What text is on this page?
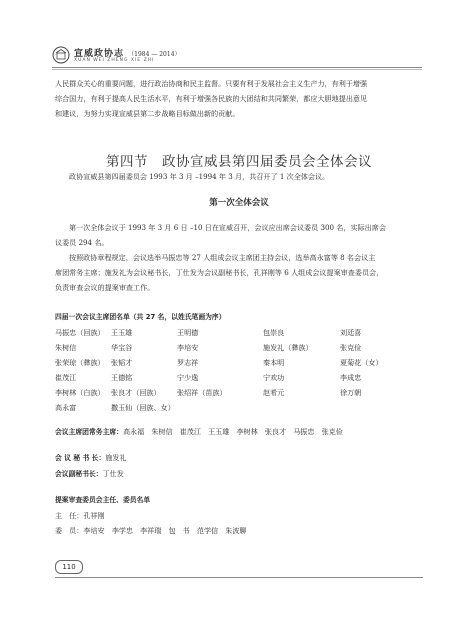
宣威政协志 （1984 — 2014）
XUAN WEI ZHENG XIE ZHI

人民群众关心的重要问题，进行政治协商和民主监督。只要有利于发展社会主义生产力，有利于增强

综合国力，有利于提高人民生活水平，有利于增强各民族的大团结和共同繁荣，都应大胆地提出意见

和建议，为努力实现宣威县第二步战略目标做出新的贡献。

第四节　政协宣威县第四届委员会全体会议

政协宣威县第四届委员会 1993 年 3 月 –1994 年 3 月，共召开了 1 次全体会议。

第一次全体会议

第一次全体会议于 1993 年 3 月 6 日 –10 日在宣威召开，会议应出席会议委员 300 名，实际出席会

议委员 294 名。

按照政协章程规定，会议选举马振忠等 27 人组成会议主席团主持会议，选举高永富等 8 名会议主

席团常务主席；施发礼为会议秘书长，丁仕发为会议副秘书长，孔祥刚等 6 人组成会议提案审查委员会，

负责审查会议的提案审查工作。

四届一次会议主席团名单（共 27 名，以姓氏笔画为序）
马振忠（回族） 王玉雄	王明德	包崇良	刘廷喜
朱树信	华宝谷	李培安	施发礼（彝族）	张克俭
张荣琼（彝族） 张韬才	罗志祥	秦本明	夏菊花（女）
崔茂江	王德铭	宁少逸	宁欢功	李成忠
李树林（白族） 张良才（回族）	张绍祥（苗族）	赵希元	徐万朝
高永富	撒玉仙（回族、女）
会议主席团常务主席：高永福　朱树信　崔茂江　王玉雄　李树林　张良才　马振忠　张克俭
会 议 秘 书 长：施发礼
会议副秘书长：丁仕发
提案审查委员会主任、委员名单
主　任：孔祥刚
委　员：李培安　李学忠　李祥瑞　包　书　范学信　朱波聊
110
